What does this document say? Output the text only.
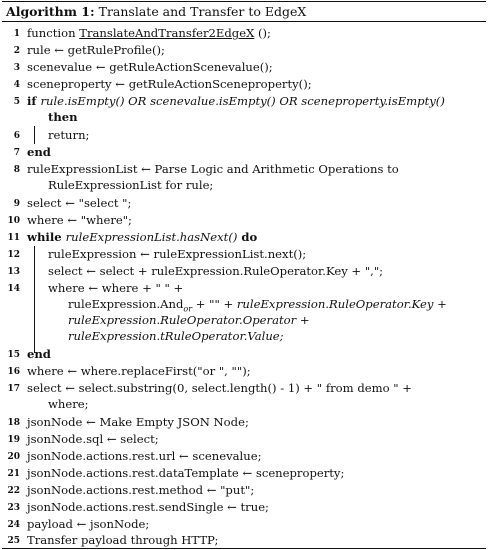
Algorithm 1: Translate and Transfer to EdgeX
1 function TranslateAndTransfer2EdgeX ();
2 rule ← getRuleProfile();
3 scenevalue ← getRuleActionScenevalue();
4 sceneproperty ← getRuleActionSceneproperty();
5 if rule.isEmpty() OR scenevalue.isEmpty() OR sceneproperty.isEmpty()
then
6 return;
7 end
8 ruleExpressionList ← Parse Logic and Arithmetic Operations to
RuleExpressionList for rule;
9 select ← "select ";
10 where ← "where";
11 while ruleExpressionList.hasNext() do
12 ruleExpression ← ruleExpressionList.next();
13 select ← select + ruleExpression.RuleOperator.Key + ",";
14 where ← where + " " +
ruleExpression.And$_{or}$ + "" + ruleExpression.RuleOperator.Key +
ruleExpression.RuleOperator.Operator +
ruleExpression.tRuleOperator.Value;
15 end
16 where ← where.replaceFirst("or ", "");
17 select ← select.substring(0, select.length() - 1) + " from demo " +
where;
18 jsonNode ← Make Empty JSON Node;
19 jsonNode.sql ← select;
20 jsonNode.actions.rest.url ← scenevalue;
21 jsonNode.actions.rest.dataTemplate ← sceneproperty;
22 jsonNode.actions.rest.method ← "put";
23 jsonNode.actions.rest.sendSingle ← true;
24 payload ← jsonNode;
25 Transfer payload through HTTP;
